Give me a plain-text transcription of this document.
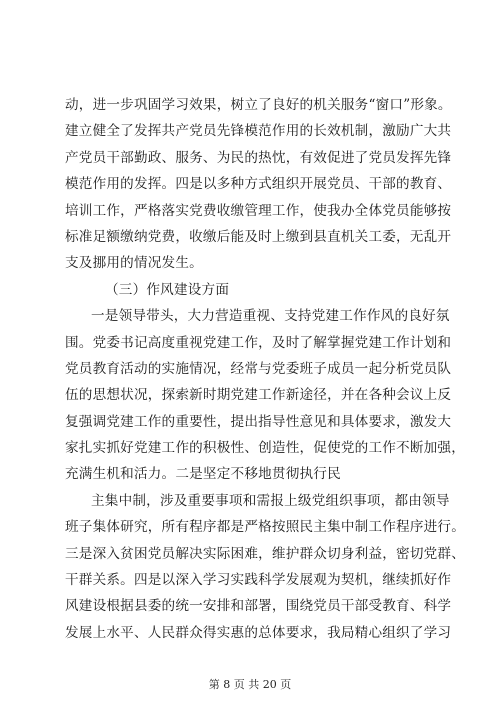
动，进一步巩固学习效果，树立了良好的机关服务“窗口”形象。
建立健全了发挥共产党员先锋模范作用的长效机制，激励广大共
产党员干部勤政、服务、为民的热忱，有效促进了党员发挥先锋
模范作用的发挥。四是以多种方式组织开展党员、干部的教育、
培训工作，严格落实党费收缴管理工作，使我办全体党员能够按
标准足额缴纳党费，收缴后能及时上缴到县直机关工委，无乱开
支及挪用的情况发生。
（三）作风建设方面
一是领导带头，大力营造重视、支持党建工作作风的良好氛
围。党委书记高度重视党建工作，及时了解掌握党建工作计划和
党员教育活动的实施情况，经常与党委班子成员一起分析党员队
伍的思想状况，探索新时期党建工作新途径，并在各种会议上反
复强调党建工作的重要性，提出指导性意见和具体要求，激发大
家扎实抓好党建工作的积极性、创造性，促使党的工作不断加强，
充满生机和活力。二是坚定不移地贯彻执行民
主集中制，涉及重要事项和需报上级党组织事项，都由领导
班子集体研究，所有程序都是严格按照民主集中制工作程序进行。
三是深入贫困党员解决实际困难，维护群众切身利益，密切党群、
干群关系。四是以深入学习实践科学发展观为契机，继续抓好作
风建设根据县委的统一安排和部署，围绕党员干部受教育、科学
发展上水平、人民群众得实惠的总体要求，我局精心组织了学习
第 8 页 共 20 页
